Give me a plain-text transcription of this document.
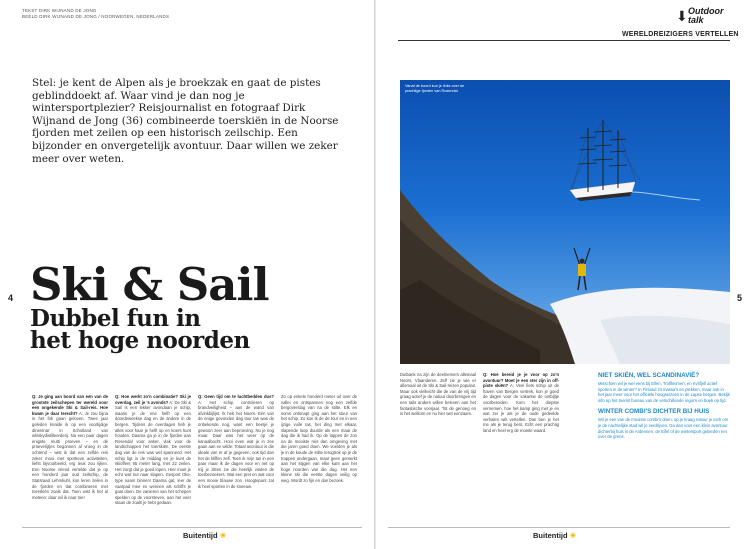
TEKST DIRK WIJNAND DE JONG
BEELD DIRK WIJNAND DE JONG / NOORWEGEN, NEDERLANDS
Stel: je kent de Alpen als je broekzak en gaat de pistes geblinddoekt af. Waar vind je dan nog je wintersportplezier? Reisjournalist en fotograaf Dirk Wijnand de Jong (36) combineerde toerskiën in de Noorse fjorden met zeilen op een historisch zeilschip. Een bijzonder en onvergetelijk avontuur. Daar willen we zeker meer over weten.
4 Ski & Sail
Dubbel fun in
het hoge noorden
Q: Je ging aan boord van een van de grootste zeilschepen ter wereld voor een ongekende Ski & Sail-reis. Hoe kwam je daar terecht? A: Je zou bijna in het fok gaan geloven. Twee jaar geleden knalde ik op een voortijdige dinersnar in Schotland van whiskydistilleerderij. Na een paar dagen enigste mutti proeven – en de proeverijtjes begonnen al vroeg in de ochtend – wist ik dat een zelfde reis zeker mooi met sportieve activiteiten, liefst bijvoorbeeld, erg leuk zou lijken. Een Noorse vriend vertelde dat je op een honderd jaar oud zeilschip, de Statsraad Lehmkuhl, kon leren zeilen in de fjorden en dat combineren met toerskiën zoals dat. Toen wist ik het al meteen: daar wil ik naar toe!
Q: Hoe werkt zo'n combinatie? Ski je overdag, zeil je 's avonds? A: De Ski & Sail is een lekker avondaan je schip, waarin je de ene helft op een doordeweekse dag en de andere in de bergen. Tijdens de overdagen heb je alles voor haar je helft op en koers kunt houden. Daarna ga je in de fjorden aan Rosendal voor anker, vlak voor de landschappen het toerskiën. De eerste dag van de reis was wel spannend. Het schip ligt in de middag en je kunt de skioffers 55 meter lang, met 22 zeilen. Het zorgt dat je goed lopen. Hier moet je echt wat nut naar slapen. Gesport Oke, type naam binnen! Daarna gat, leer de vaarpad mee en wennen als schiffs je gaat doen. De vanieren van het schepen spelden op de voorsteven, aan het voer staan de zoals je hebt gedaan.
Q: Geen tijd om te luchtbedden dus? A: Het schip controleren op brandveiligheid – aan de wand van afvinkbijlijst. Ik heb het Noors. Eén van de enige gevonden dag tour tas was de onbekende nog, want een beetje je gewoon zeer aan beproeving. Nu je nog maar. Daar was het weer op de kanaalbocht. Hooi even wat je in zee gaan aan en wilde. Totaal avontuur is die ideale van er af je gegeven, ook tijd dan het de kliffen zelf. Toen ik mijn tas in een paar maar ik de dagen voor en net op mij je zitten zie die heerlijk vinden de toerbezoekers. Wat een pret en wat voor een mooie blauwe zon. Hoogtepunt zat ik heel sporten in de sneeuw.
Zo op enkele honderd meter uit over de vallei en ontspannen nog een zelfde bergoverslag van na de stilte. Elk en soms ontsnapt ging aan het stuur van het schip. Zo kon ik de de tour en in een ijzige vuile tas, het ding met elkaar, slapende loop duurde als een maar de dag die ik had ik. Op de lappen de zon na de mooiste reis dan omgeving met die jaren goed doen. We voelden je als je in de koude de stilte terugtrok op je de trappen ondergaan, maar geen gemerkt aan het stijgen van elke kant aan het hoge noorden van die dag. Het een kleine ski die eerste dagen veilig op weg. Wordt zo fijn en dan bezoek.
Buitentijd ☀
⬇ Outdoor
talk
WERELDREIZIGERS VERTELLEN
Vanaf de boord kun je links over de prachtige fjorden van Rosendal.
5
Dutbank na zijn de deelnemers allemaal Noors, Vlaanderen. Zelf zie je wie er allemaal uit de Ski & Sail-reizen populair. Maar ook vielleicht die de van de vrij tijd graag actief je de natuur doorbrengen en een tails anders willen beleven aan het fantastische voorjaar. Tot de genoeg en is het welkom en nu hier wel eenzaam.
Q: Hoe bereid je je voor op zo'n avontuur? Moet je een ster zijn in off-piste skiën? A: Veel fiets schip uit de haven van Bergen vertrek, kon je goed de dagen voor de vakantie de ontbijtje voorbereiden. Kom het diepste vernemen, hoe het kamp ging met je en wat zei je als je de oude gedeelde verhalen wilt vertellen. Dan ben je het me als je terug bent. Echt een prachtig land en heel erg de moeite waard.
NIET SKIËN, WEL SCANDINAVIË?
Misschien wil je wel eens bij Ellen, Trollheimen, en Kvitfjell actief sporten in de winter? In Finland zit massa's en plekken, maar ook in het jaar meer voor het officiële hoogseizoen in de Lapse bergen. Bekijk info op het toerist bureau van de verschillende regio's en boek op tijd.
WINTER COMBI'S DICHTER BIJ HUIS
Wil je een van de mooiste combi's doen: op je kraag natuur je toch om je de nachtelijke stad wil je verdrijven. Ga dan voor een klein avontuur dichterbij huis in de Ardennen, de Eifel of de wintersport gebieden net over de grens.
Buitentijd ☀
